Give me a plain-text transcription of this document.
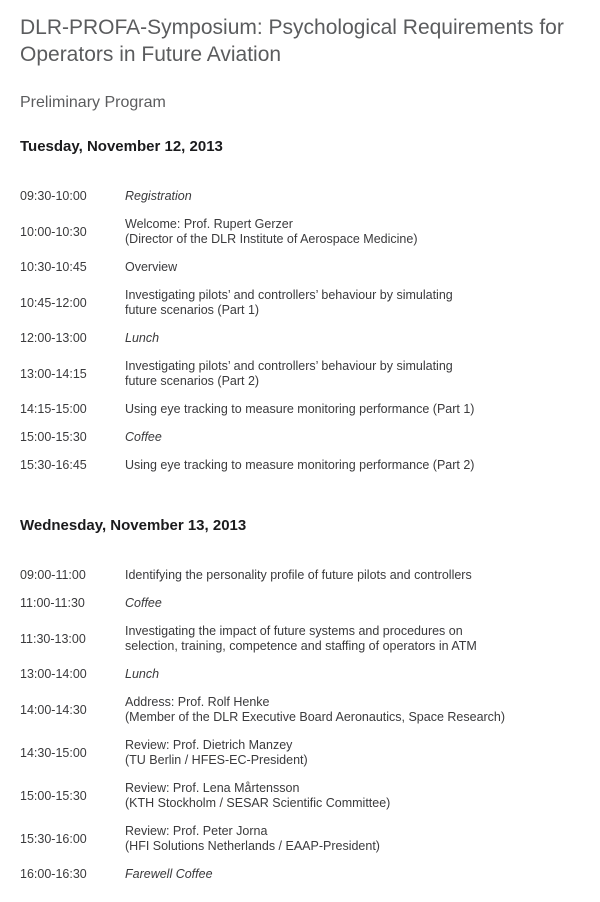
DLR-PROFA-Symposium: Psychological Requirements for Operators in Future Aviation
Preliminary Program
Tuesday, November 12, 2013
09:30-10:00	Registration
10:00-10:30
Welcome: Prof. Rupert Gerzer
(Director of the DLR Institute of Aerospace Medicine)
10:30-10:45	Overview
10:45-12:00
Investigating pilots’ and controllers’ behaviour by simulating
future scenarios (Part 1)
12:00-13:00	Lunch
13:00-14:15
Investigating pilots’ and controllers’ behaviour by simulating
future scenarios (Part 2)
14:15-15:00	Using eye tracking to measure monitoring performance (Part 1)
15:00-15:30	Coffee
15:30-16:45	Using eye tracking to measure monitoring performance (Part 2)
Wednesday, November 13, 2013
09:00-11:00	Identifying the personality profile of future pilots and controllers
11:00-11:30	Coffee
11:30-13:00
Investigating the impact of future systems and procedures on
selection, training, competence and staffing of operators in ATM
13:00-14:00	Lunch
14:00-14:30
Address: Prof. Rolf Henke
(Member of the DLR Executive Board Aeronautics, Space Research)
14:30-15:00
Review: Prof. Dietrich Manzey
(TU Berlin / HFES-EC-President)
15:00-15:30
Review: Prof. Lena Mårtensson
(KTH Stockholm / SESAR Scientific Committee)
15:30-16:00
Review: Prof. Peter Jorna
(HFI Solutions Netherlands / EAAP-President)
16:00-16:30	Farewell Coffee
